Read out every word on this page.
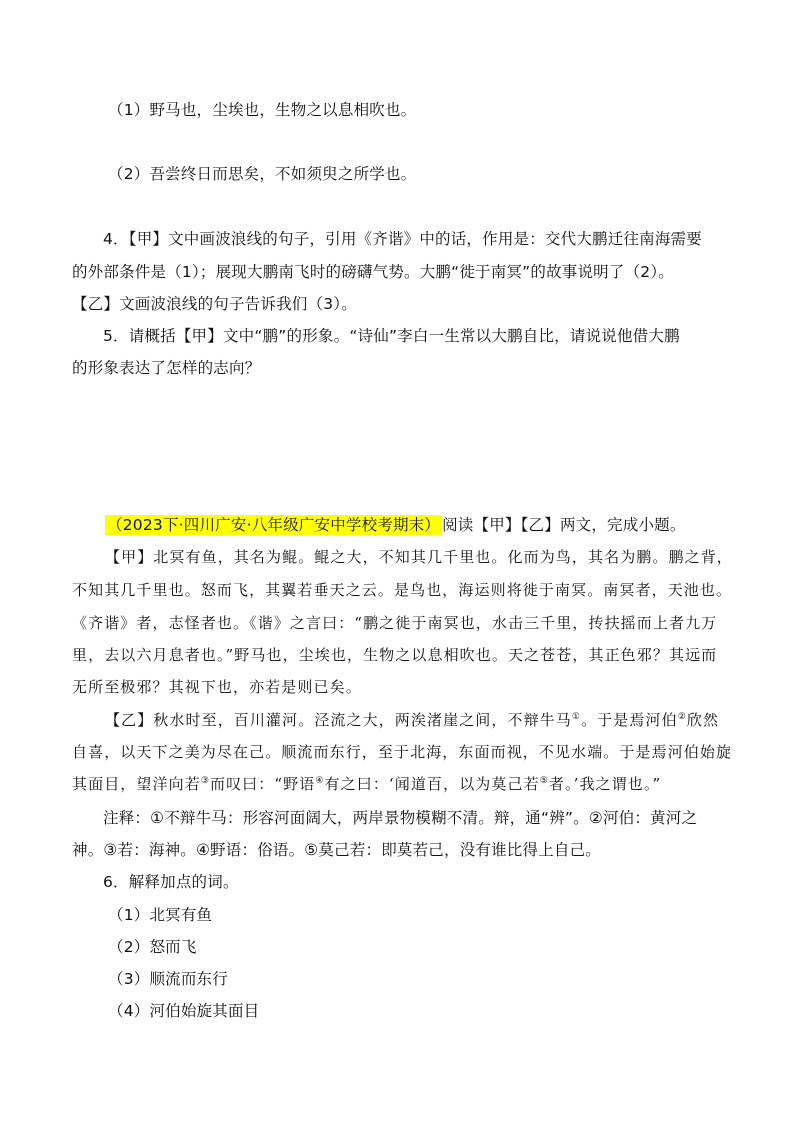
（1）野马也，尘埃也，生物之以息相吹也。
（2）吾尝终日而思矣，不如须臾之所学也。
4．【甲】文中画波浪线的句子，引用《齐谐》中的话，作用是：交代大鹏迁往南海需要
的外部条件是（1）；展现大鹏南飞时的磅礴气势。大鹏“徙于南冥”的故事说明了（2）。
【乙】文画波浪线的句子告诉我们（3）。
5．请概括【甲】文中“鹏”的形象。“诗仙”李白一生常以大鹏自比，请说说他借大鹏
的形象表达了怎样的志向？
（2023下·四川广安·八年级广安中学校考期末） 阅读【甲】【乙】两文，完成小题。
【甲】北冥有鱼，其名为鲲。鲲之大，不知其几千里也。化而为鸟，其名为鹏。鹏之背，
不知其几千里也。怒而飞，其翼若垂天之云。是鸟也，海运则将徙于南冥。南冥者，天池也。
《齐谐》者，志怪者也。《谐》之言曰：“鹏之徙于南冥也，水击三千里，抟扶摇而上者九万
里，去以六月息者也。”野马也，尘埃也，生物之以息相吹也。天之苍苍，其正色邪？其远而
无所至极邪？其视下也，亦若是则已矣。
【乙】秋水时至，百川灌河。泾流之大，两涘渚崖之间，不辩牛马①。于是焉河伯②欣然
自喜，以天下之美为尽在己。顺流而东行，至于北海，东面而视，不见水端。于是焉河伯始旋
其面目，望洋向若③而叹曰：“野语④有之曰：‘闻道百，以为莫己若⑤者。’我之谓也。”
注释：①不辩牛马：形容河面阔大，两岸景物模糊不清。辩，通“辨”。②河伯：黄河之
神。③若：海神。④野语：俗语。⑤莫己若：即莫若己，没有谁比得上自己。
6．解释加点的词。
（1）北冥有鱼
（2）怒而飞
（3）顺流而东行
（4）河伯始旋其面目
